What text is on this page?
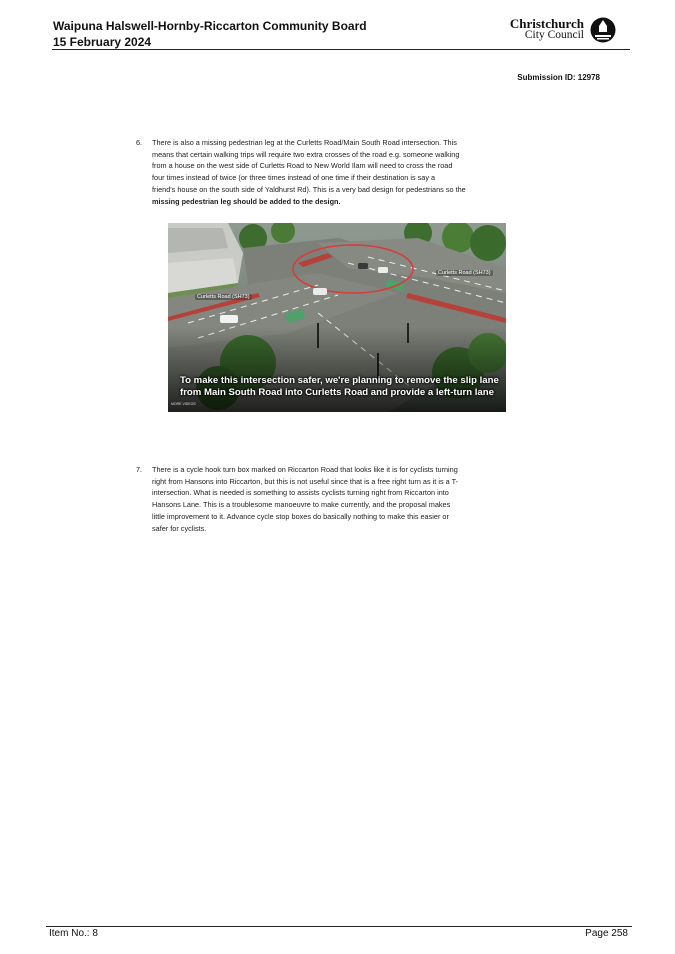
Waipuna Halswell-Hornby-Riccarton Community Board
15 February 2024
Christchurch
City Council
Submission ID: 12978
6. There is also a missing pedestrian leg at the Curletts Road/Main South Road intersection. This
means that certain walking trips will require two extra crosses of the road e.g. someone walking
from a house on the west side of Curletts Road to New World Ilam will need to cross the road
four times instead of twice (or three times instead of one time if their destination is say a
friend's house on the south side of Yaldhurst Rd). This is a very bad design for pedestrians so the
missing pedestrian leg should be added to the design.
Curletts Road (SH73)
Curletts Road (SH73)
To make this intersection safer, we're planning to remove the slip lane
from Main South Road into Curletts Road and provide a left-turn lane
MORE VIDEOS
7. There is a cycle hook turn box marked on Riccarton Road that looks like it is for cyclists turning
right from Hansons into Riccarton, but this is not useful since that is a free right turn as it is a T-
intersection. What is needed is something to assists cyclists turning right from Riccarton into
Hansons Lane. This is a troublesome manoeuvre to make currently, and the proposal makes
little improvement to it. Advance cycle stop boxes do basically nothing to make this easier or
safer for cyclists.
Item No.: 8	Page 258
